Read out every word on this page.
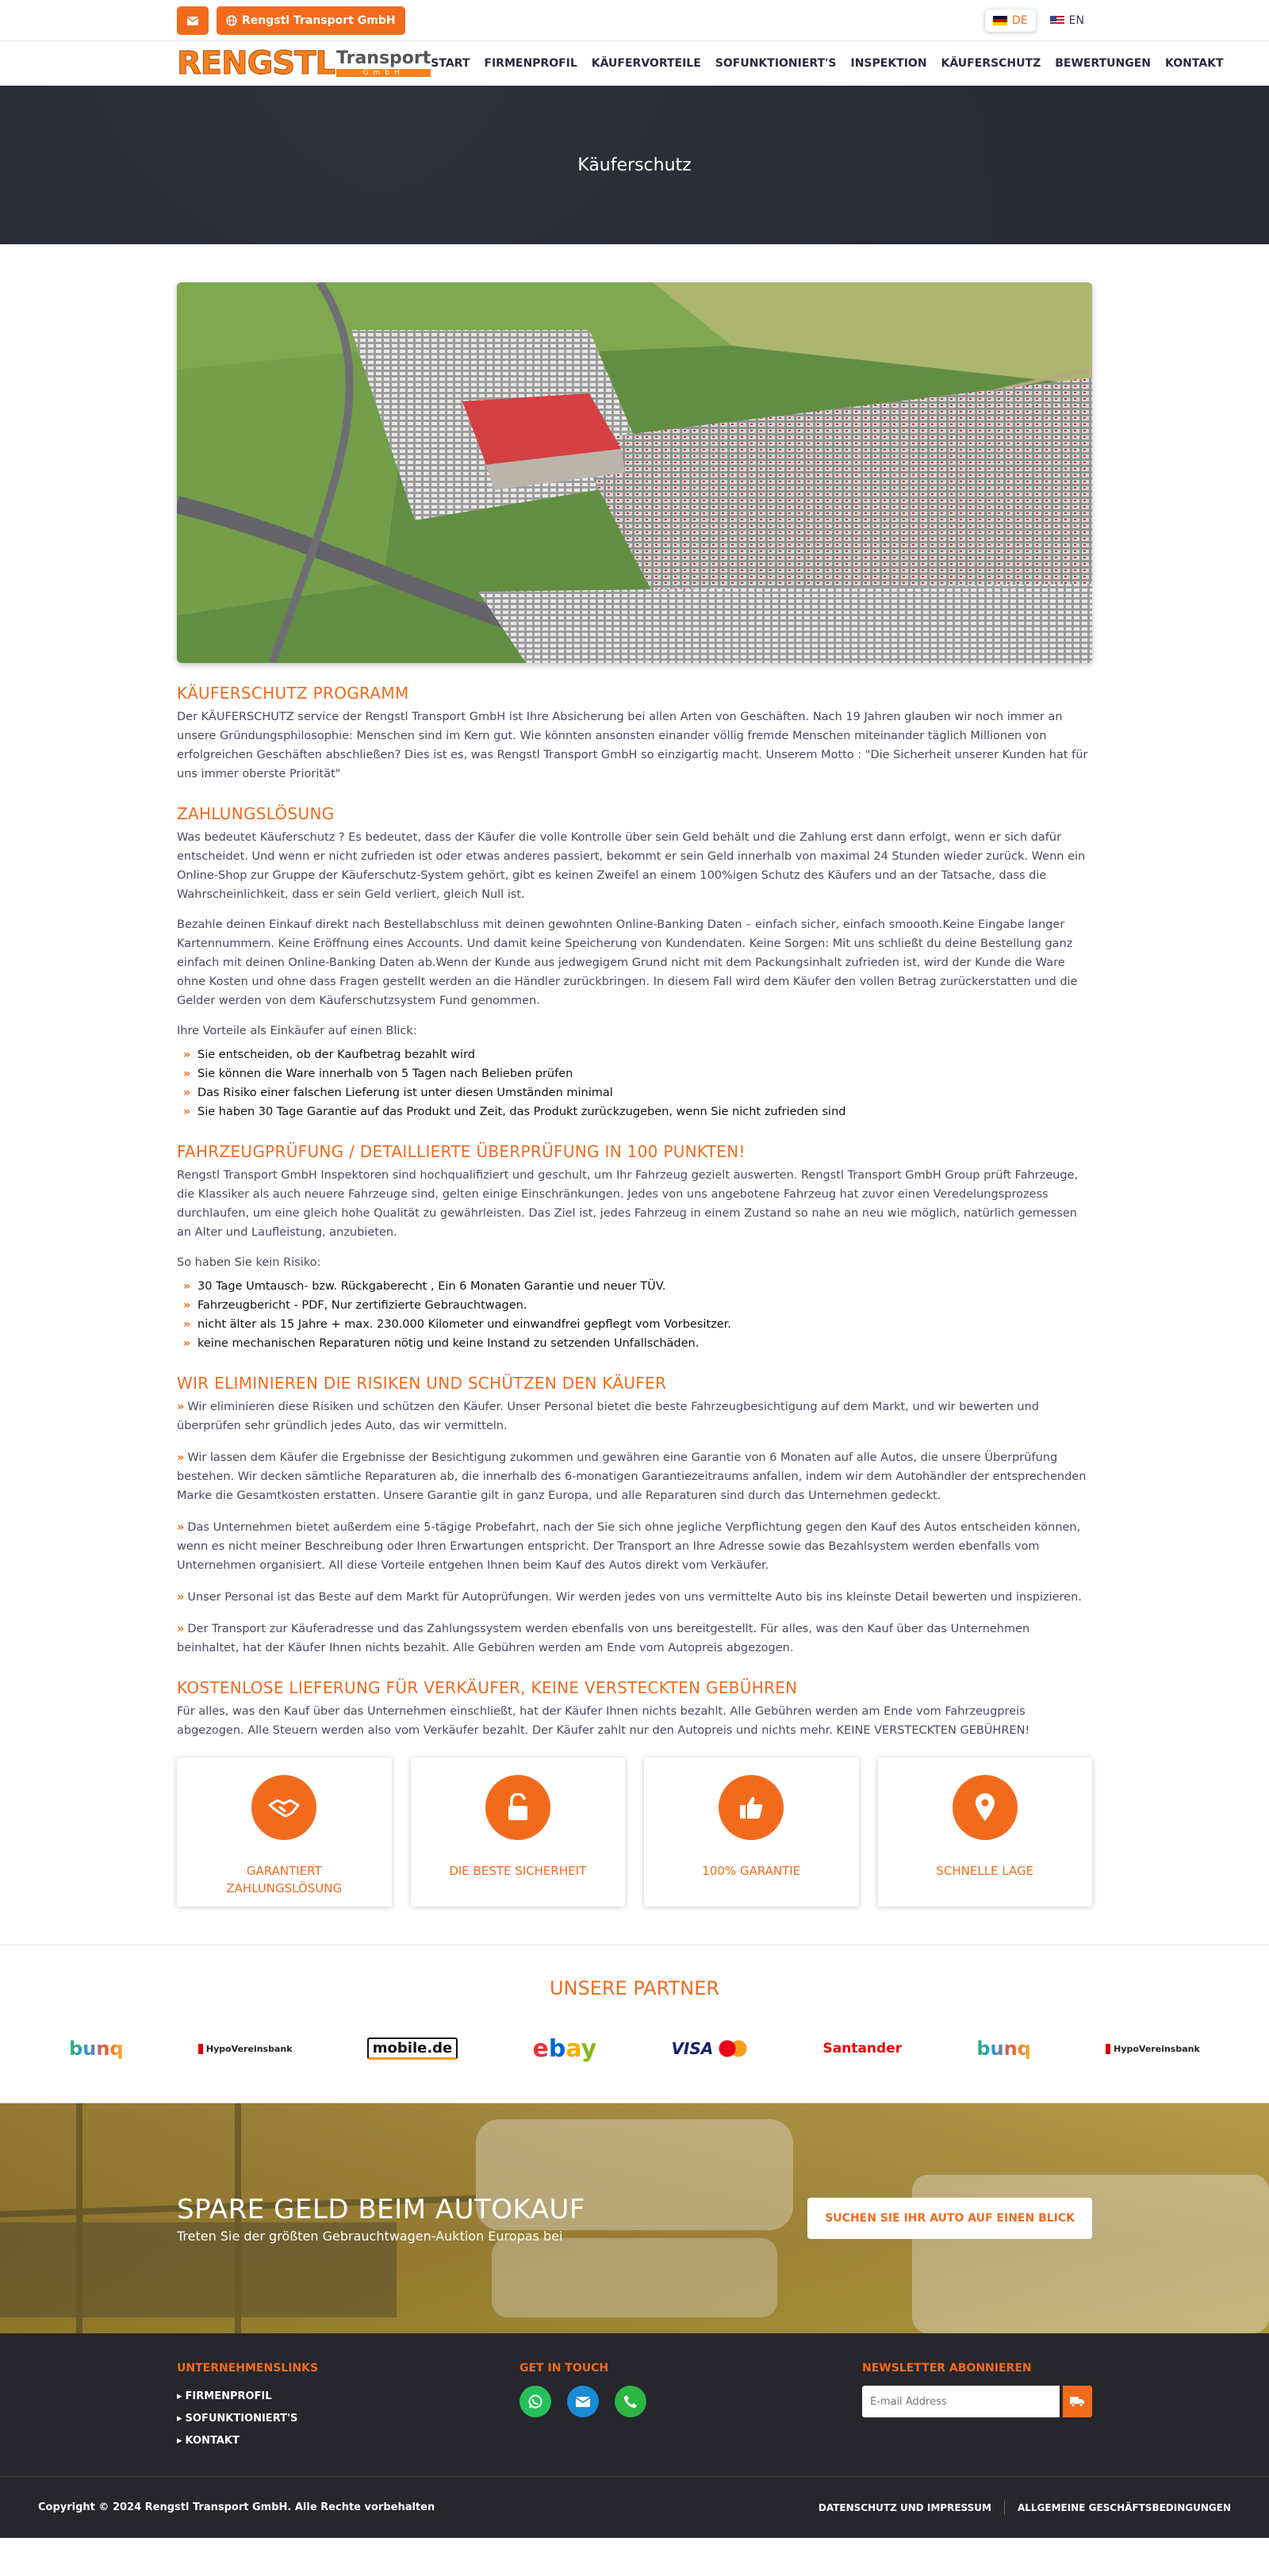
Rengstl Transport GmbH	DE	EN
RENGSTL Transport
GmbH
START FIRMENPROFIL KÄUFERVORTEILE SOFUNKTIONIERT'S INSPEKTION KÄUFERSCHUTZ BEWERTUNGEN KONTAKT
Käuferschutz
KÄUFERSCHUTZ PROGRAMM

Der KÄUFERSCHUTZ service der Rengstl Transport GmbH ist Ihre Absicherung bei allen Arten von Geschäften. Nach 19 Jahren glauben wir noch immer an unsere Gründungsphilosophie: Menschen sind im Kern gut. Wie könnten ansonsten einander völlig fremde Menschen miteinander täglich Millionen von erfolgreichen Geschäften abschließen? Dies ist es, was Rengstl Transport GmbH so einzigartig macht. Unserem Motto : "Die Sicherheit unserer Kunden hat für uns immer oberste Priorität"

ZAHLUNGSLÖSUNG

Was bedeutet Käuferschutz ? Es bedeutet, dass der Käufer die volle Kontrolle über sein Geld behält und die Zahlung erst dann erfolgt, wenn er sich dafür entscheidet. Und wenn er nicht zufrieden ist oder etwas anderes passiert, bekommt er sein Geld innerhalb von maximal 24 Stunden wieder zurück. Wenn ein Online-Shop zur Gruppe der Käuferschutz-System gehört, gibt es keinen Zweifel an einem 100%igen Schutz des Käufers und an der Tatsache, dass die Wahrscheinlichkeit, dass er sein Geld verliert, gleich Null ist.

Bezahle deinen Einkauf direkt nach Bestellabschluss mit deinen gewohnten Online-Banking Daten – einfach sicher, einfach smoooth.Keine Eingabe langer Kartennummern. Keine Eröffnung eines Accounts. Und damit keine Speicherung von Kundendaten. Keine Sorgen: Mit uns schließt du deine Bestellung ganz einfach mit deinen Online-Banking Daten ab.Wenn der Kunde aus jedwegigem Grund nicht mit dem Packungsinhalt zufrieden ist, wird der Kunde die Ware ohne Kosten und ohne dass Fragen gestellt werden an die Händler zurückbringen. In diesem Fall wird dem Käufer den vollen Betrag zurückerstatten und die Gelder werden von dem Käuferschutzsystem Fund genommen.

Ihre Vorteile als Einkäufer auf einen Blick:

» Sie entscheiden, ob der Kaufbetrag bezahlt wird
» Sie können die Ware innerhalb von 5 Tagen nach Belieben prüfen
» Das Risiko einer falschen Lieferung ist unter diesen Umständen minimal
» Sie haben 30 Tage Garantie auf das Produkt und Zeit, das Produkt zurückzugeben, wenn Sie nicht zufrieden sind
FAHRZEUGPRÜFUNG / DETAILLIERTE ÜBERPRÜFUNG IN 100 PUNKTEN!

Rengstl Transport GmbH Inspektoren sind hochqualifiziert und geschult, um Ihr Fahrzeug gezielt auswerten. Rengstl Transport GmbH Group prüft Fahrzeuge, die Klassiker als auch neuere Fahrzeuge sind, gelten einige Einschränkungen. Jedes von uns angebotene Fahrzeug hat zuvor einen Veredelungsprozess durchlaufen, um eine gleich hohe Qualität zu gewährleisten. Das Ziel ist, jedes Fahrzeug in einem Zustand so nahe an neu wie möglich, natürlich gemessen an Alter und Laufleistung, anzubieten.

So haben Sie kein Risiko:

» 30 Tage Umtausch- bzw. Rückgaberecht , Ein 6 Monaten Garantie und neuer TÜV.
» Fahrzeugbericht - PDF, Nur zertifizierte Gebrauchtwagen.
» nicht älter als 15 Jahre + max. 230.000 Kilometer und einwandfrei gepflegt vom Vorbesitzer.
» keine mechanischen Reparaturen nötig und keine Instand zu setzenden Unfallschäden.
WIR ELIMINIEREN DIE RISIKEN UND SCHÜTZEN DEN KÄUFER

» Wir eliminieren diese Risiken und schützen den Käufer. Unser Personal bietet die beste Fahrzeugbesichtigung auf dem Markt, und wir bewerten und überprüfen sehr gründlich jedes Auto, das wir vermitteln.

» Wir lassen dem Käufer die Ergebnisse der Besichtigung zukommen und gewähren eine Garantie von 6 Monaten auf alle Autos, die unsere Überprüfung bestehen. Wir decken sämtliche Reparaturen ab, die innerhalb des 6-monatigen Garantiezeitraums anfallen, indem wir dem Autohändler der entsprechenden Marke die Gesamtkosten erstatten. Unsere Garantie gilt in ganz Europa, und alle Reparaturen sind durch das Unternehmen gedeckt.

» Das Unternehmen bietet außerdem eine 5-tägige Probefahrt, nach der Sie sich ohne jegliche Verpflichtung gegen den Kauf des Autos entscheiden können, wenn es nicht meiner Beschreibung oder Ihren Erwartungen entspricht. Der Transport an Ihre Adresse sowie das Bezahlsystem werden ebenfalls vom Unternehmen organisiert. All diese Vorteile entgehen Ihnen beim Kauf des Autos direkt vom Verkäufer.

» Unser Personal ist das Beste auf dem Markt für Autoprüfungen. Wir werden jedes von uns vermittelte Auto bis ins kleinste Detail bewerten und inspizieren.

» Der Transport zur Käuferadresse und das Zahlungssystem werden ebenfalls von uns bereitgestellt. Für alles, was den Kauf über das Unternehmen beinhaltet, hat der Käufer Ihnen nichts bezahlt. Alle Gebühren werden am Ende vom Autopreis abgezogen.

KOSTENLOSE LIEFERUNG FÜR VERKÄUFER, KEINE VERSTECKTEN GEBÜHREN

Für alles, was den Kauf über das Unternehmen einschließt, hat der Käufer Ihnen nichts bezahlt. Alle Gebühren werden am Ende vom Fahrzeugpreis abgezogen. Alle Steuern werden also vom Verkäufer bezahlt. Der Käufer zahlt nur den Autopreis und nichts mehr. KEINE VERSTECKTEN GEBÜHREN!

GARANTIERT ZAHLUNGSLÖSUNG
DIE BESTE SICHERHEIT	100% GARANTIE	SCHNELLE LAGE
UNSERE PARTNER
bunq	HypoVereinsbank	mobile.de	ebay	VISA	Santander	bunq	HypoVereinsbank
SPARE GELD BEIM AUTOKAUF

Treten Sie der größten Gebrauchtwagen-Auktion Europas bei

SUCHEN SIE IHR AUTO AUF EINEN BLICK
UNTERNEHMENSLINKS
▸ FIRMENPROFIL
▸ SOFUNKTIONIERT'S
▸ KONTAKT
GET IN TOUCH	NEWSLETTER ABONNIEREN
E-mail Address
Copyright © 2024 Rengstl Transport GmbH. Alle Rechte vorbehalten	DATENSCHUTZ UND IMPRESSUM	ALLGEMEINE GESCHÄFTSBEDINGUNGEN
